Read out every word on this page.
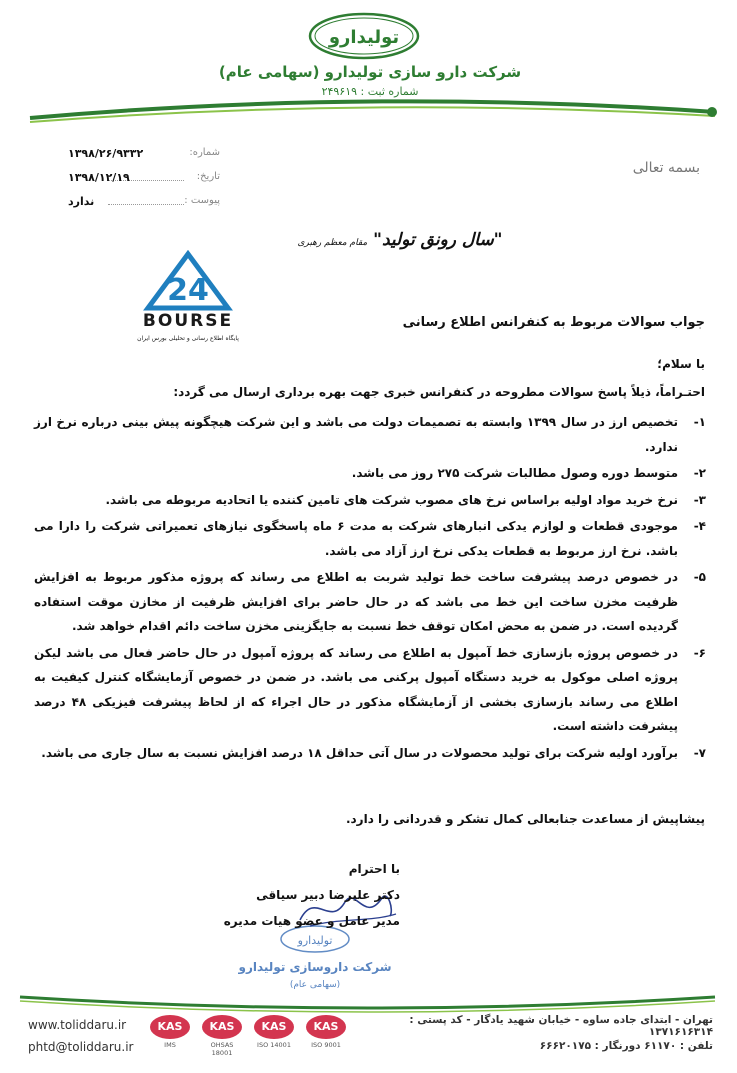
تولیدارو
شرکت دارو سازی تولیدارو (سهامی عام)
شماره ثبت : ۲۴۹۶۱۹
شماره:
۱۳۹۸/۲۶/۹۳۳۲
تاریخ:
۱۳۹۸/۱۲/۱۹
پیوست :
ندارد
بسمه تعالی
"سال رونق تولید" مقام معظم رهبری
24
BOURSE
پایگاه اطلاع رسانی و تحلیلی بورس ایران
جواب سوالات مربوط به کنفرانس اطلاع رسانی
با سلام؛
احتـراماً، ذیلاً پاسخ سوالات مطروحه در کنفرانس خبری جهت بهره برداری ارسال می گردد:
۱-
تخصیص ارز در سال ۱۳۹۹ وابسته به تصمیمات دولت می باشد و این شرکت هیچگونه پیش بینی درباره نرخ ارز ندارد.
۲-
متوسط دوره وصول مطالبات شرکت ۲۷۵ روز می باشد.
۳-
نرخ خرید مواد اولیه براساس نرخ های مصوب شرکت های تامین کننده یا اتحادیه مربوطه می باشد.
۴-
موجودی قطعات و لوازم یدکی انبارهای شرکت به مدت ۶ ماه پاسخگوی نیازهای تعمیراتی شرکت را دارا می باشد. نرخ ارز مربوط به قطعات یدکی نرخ ارز آزاد می باشد.
۵-
در خصوص درصد پیشرفت ساخت خط تولید شربت به اطلاع می رساند که پروژه مذکور مربوط به افزایش ظرفیت مخزن ساخت این خط می باشد که در حال حاضر برای افزایش ظرفیت از مخازن موقت استفاده گردیده است. در ضمن به محض امکان توقف خط نسبت به جایگزینی مخزن ساخت دائم اقدام خواهد شد.
۶-
در خصوص پروژه بازسازی خط آمپول به اطلاع می رساند که پروژه آمپول در حال حاضر فعال می باشد لیکن پروژه اصلی موکول به خرید دستگاه آمپول پرکنی می باشد. در ضمن در خصوص آزمایشگاه کنترل کیفیت به اطلاع می رساند بازسازی بخشی از آزمایشگاه مذکور در حال اجراء که از لحاظ پیشرفت فیزیکی ۴۸ درصد پیشرفت داشته است.
۷-
برآورد اولیه شرکت برای تولید محصولات در سال آتی حداقل ۱۸ درصد افزایش نسبت به سال جاری می باشد.
پیشاپیش از مساعدت جنابعالی کمال تشکر و قدردانی را دارد.
تولیدارو
شرکت داروسازی تولیدارو
(سهامی عام)
با احترام
دکتر علیرضا دبیر سیاقی
مدیر عامل و عضو هیات مدیره
تهران - ابتدای جاده ساوه - خیابان شهید یادگار - کد پستی : ۱۳۷۱۶۱۶۳۱۴
تلفن : ۶۱۱۷۰ دورنگار : ۶۶۶۲۰۱۷۵
www.toliddaru.ir
phtd@toliddaru.ir
KAS
IMS
KAS
OHSAS 18001
KAS
ISO 14001
KAS
ISO 9001
